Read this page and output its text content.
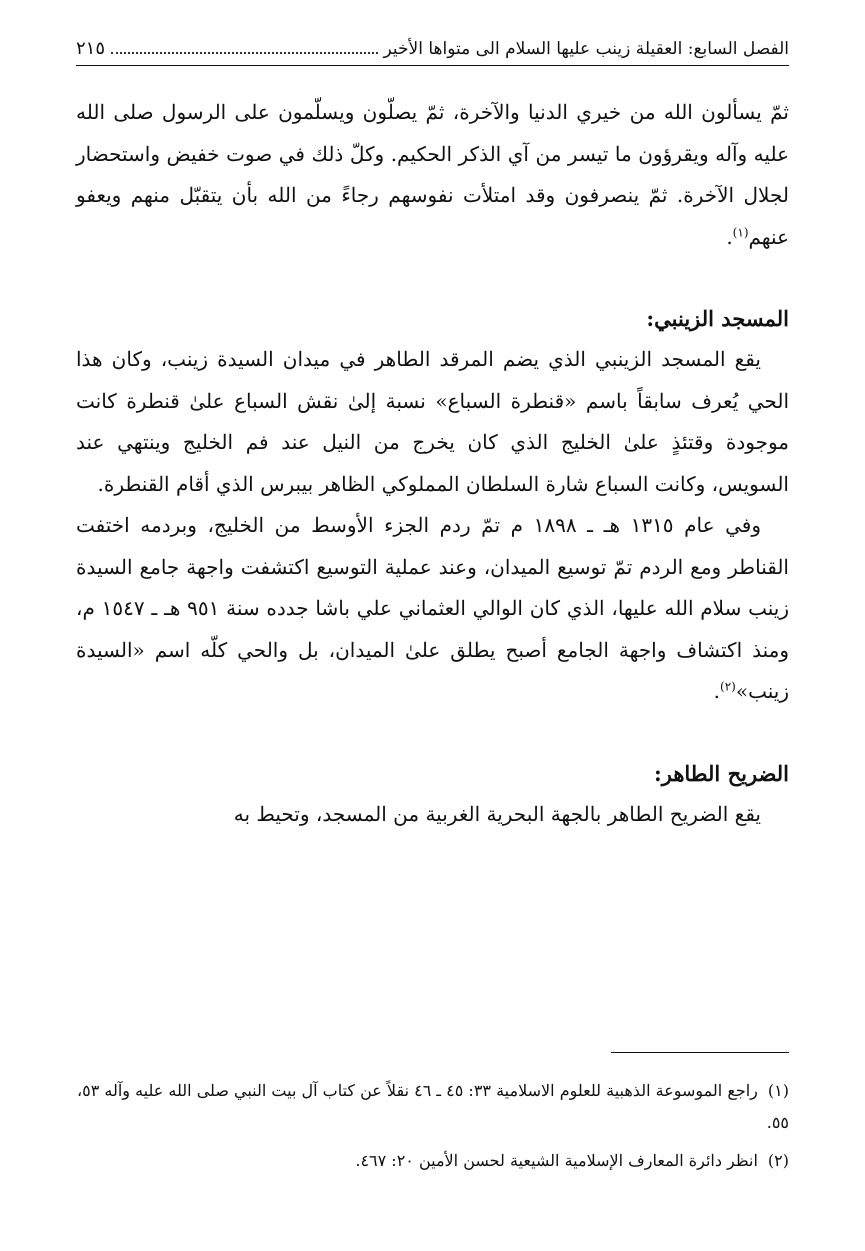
الفصل السابع: العقيلة زينب عليها السلام الى متواها الأخير
٢١٥

ثمّ يسألون الله من خيري الدنيا والآخرة، ثمّ يصلّون ويسلّمون على الرسول صلى الله عليه وآله ويقرؤون ما تيسر من آي الذكر الحكيم. وكلّ ذلك في صوت خفيض واستحضار لجلال الآخرة. ثمّ ينصرفون وقد امتلأت نفوسهم رجاءً من الله بأن يتقبّل منهم ويعفو عنهم$^{(١)}$.

المسجد الزينبي:

يقع المسجد الزينبي الذي يضم المرقد الطاهر في ميدان السيدة زينب، وكان هذا الحي يُعرف سابقاً باسم «قنطرة السباع» نسبة إلىٰ نقش السباع علىٰ قنطرة كانت موجودة وقتئذٍ علىٰ الخليج الذي كان يخرج من النيل عند فم الخليج وينتهي عند السويس، وكانت السباع شارة السلطان المملوكي الظاهر بيبرس الذي أقام القنطرة.

وفي عام ١٣١٥ هـ ـ ١٨٩٨ م تمّ ردم الجزء الأوسط من الخليج، وبردمه اختفت القناطر ومع الردم تمّ توسيع الميدان، وعند عملية التوسيع اكتشفت واجهة جامع السيدة زينب سلام الله عليها، الذي كان الوالي العثماني علي باشا جدده سنة ٩٥١ هـ ـ ١٥٤٧ م، ومنذ اكتشاف واجهة الجامع أصبح يطلق علىٰ الميدان، بل والحي كلّه اسم «السيدة زينب»$^{(٢)}$.

الضريح الطاهر:

يقع الضريح الطاهر بالجهة البحرية الغربية من المسجد، وتحيط به

(١) راجع الموسوعة الذهبية للعلوم الاسلامية ٣٣: ٤٥ ـ ٤٦ نقلاً عن كتاب آل بيت النبي صلى الله عليه وآله ٥٣، ٥٥.
(٢) انظر دائرة المعارف الإسلامية الشيعية لحسن الأمين ٢٠: ٤٦٧.
